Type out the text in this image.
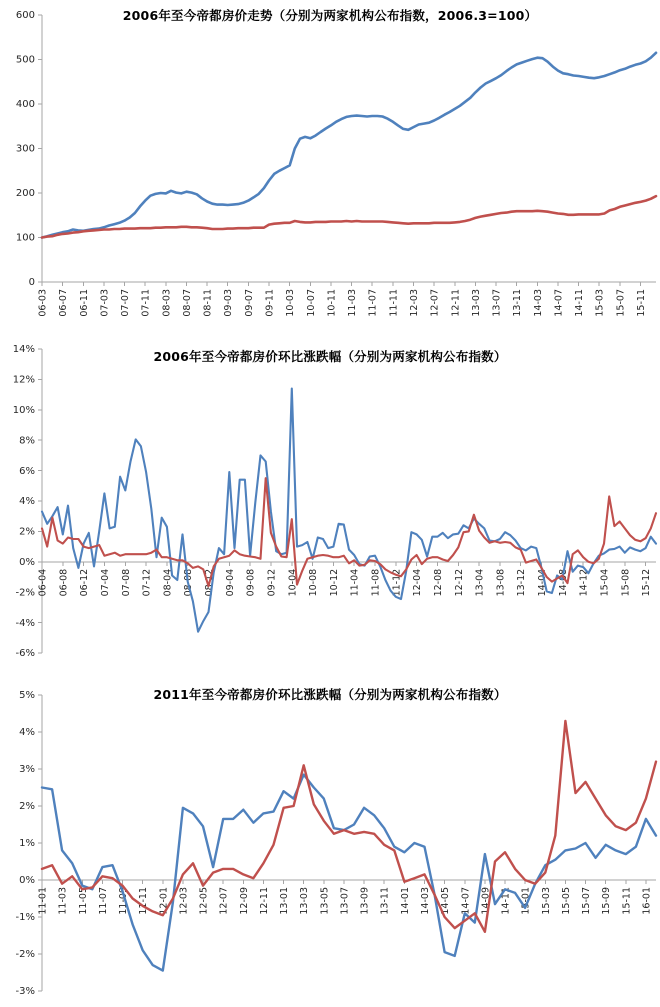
2006年至今帝都房价走势（分别为两家机构公布指数，2006.3=100）
0
100
200
300
400
500
600
06-03 06-07 06-11 07-03 07-07 07-11 08-03 08-07 08-11 09-03 09-07 09-11 10-03 10-07 10-11 11-03 11-07 11-11 12-03 12-07 12-11 13-03 13-07 13-11 14-03 14-07 14-11 15-03 15-07 15-11
2006年至今帝都房价环比涨跌幅（分别为两家机构公布指数）
-6%
-4%
-2%
0%
2%
4%
6%
8%
10%
12%
14%
06-04 06-08 06-12 07-04 07-08 07-12 08-04 08-08 08-12 09-04 09-08 09-12 10-04 10-08 10-12 11-04 11-08 11-12 12-04 12-08 12-12 13-04 13-08 13-12 14-04 14-08 14-12 15-04 15-08 15-12
2011年至今帝都房价环比涨跌幅（分别为两家机构公布指数）
-3%
-2%
-1%
0%
1%
2%
3%
4%
5%
11-01 11-03 11-05 11-07 11-09 11-11 12-01 12-03 12-05 12-07 12-09 12-11 13-01 13-03 13-05 13-07 13-09 13-11 14-01 14-03 14-05 14-07 14-09 14-11 15-01 15-03 15-05 15-07 15-09 15-11 16-01
